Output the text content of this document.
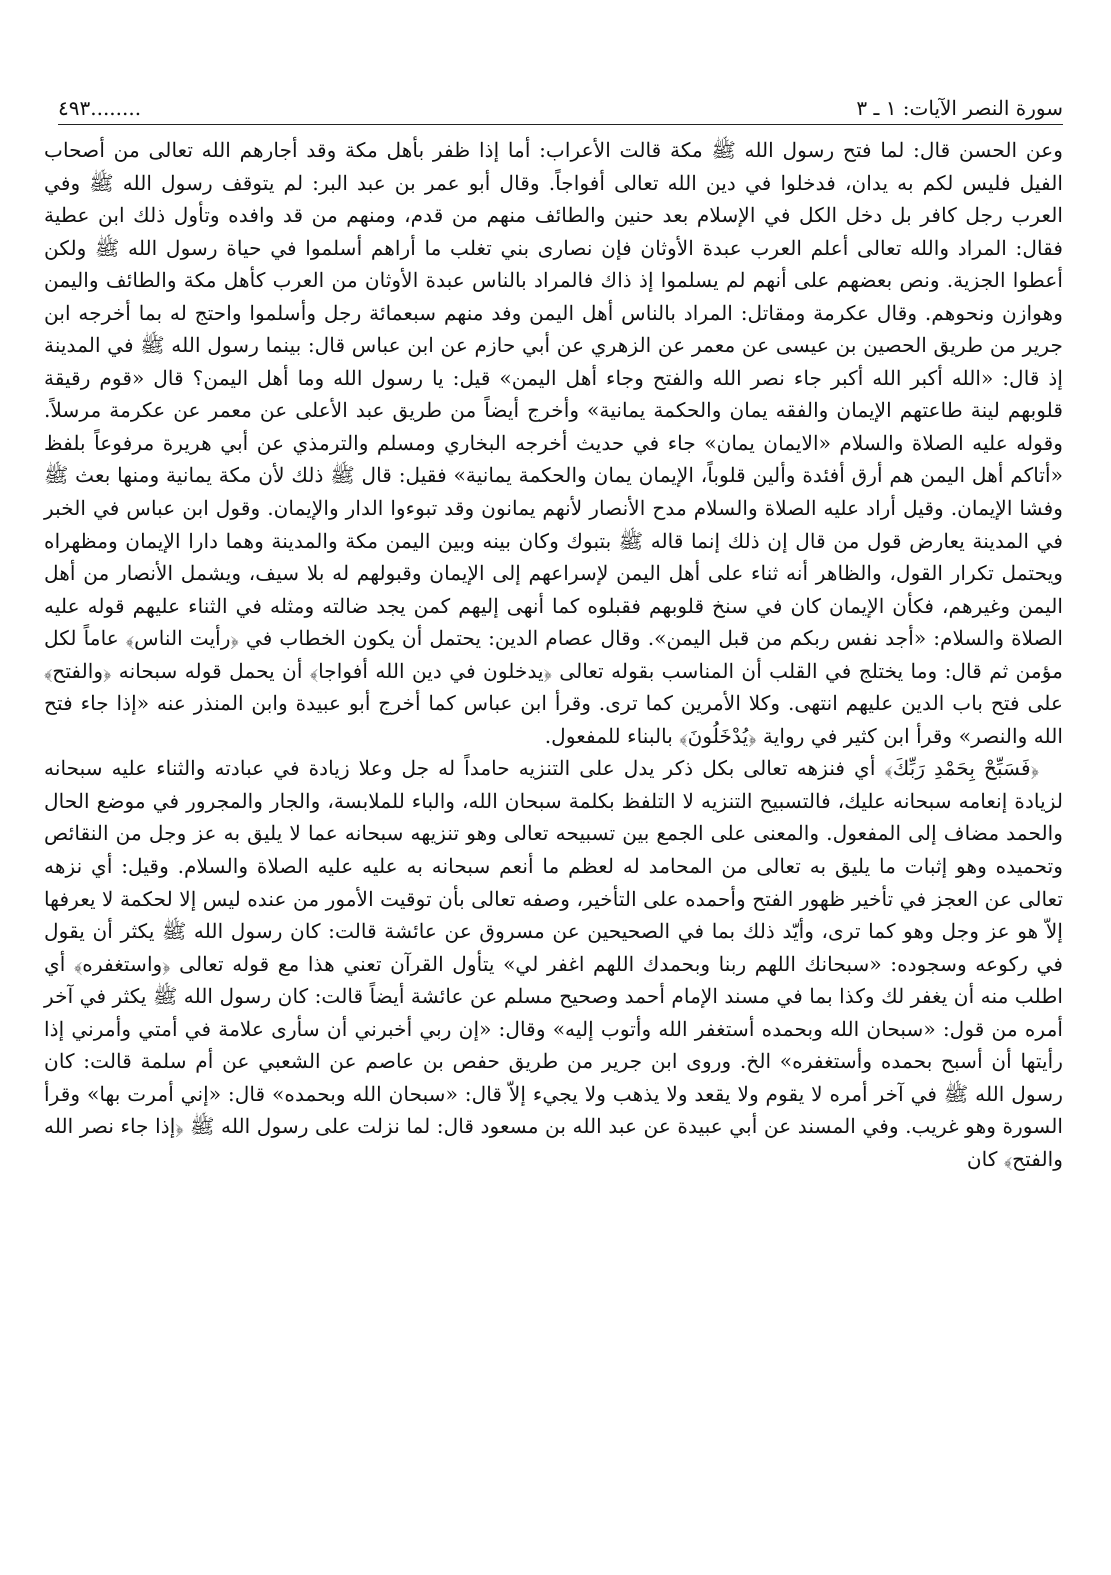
سورة النصر الآيات: ١ ـ ٣
........٤٩٣

وعن الحسن قال: لما فتح رسول الله ﷺ مكة قالت الأعراب: أما إذا ظفر بأهل مكة وقد أجارهم الله تعالى من أصحاب الفيل فليس لكم به يدان، فدخلوا في دين الله تعالى أفواجاً. وقال أبو عمر بن عبد البر: لم يتوقف رسول الله ﷺ وفي العرب رجل كافر بل دخل الكل في الإسلام بعد حنين والطائف منهم من قدم، ومنهم من قد وافده وتأول ذلك ابن عطية فقال: المراد والله تعالى أعلم العرب عبدة الأوثان فإن نصارى بني تغلب ما أراهم أسلموا في حياة رسول الله ﷺ ولكن أعطوا الجزية. ونص بعضهم على أنهم لم يسلموا إذ ذاك فالمراد بالناس عبدة الأوثان من العرب كأهل مكة والطائف واليمن وهوازن ونحوهم. وقال عكرمة ومقاتل: المراد بالناس أهل اليمن وفد منهم سبعمائة رجل وأسلموا واحتج له بما أخرجه ابن جرير من طريق الحصين بن عيسى عن معمر عن الزهري عن أبي حازم عن ابن عباس قال: بينما رسول الله ﷺ في المدينة إذ قال: «الله أكبر الله أكبر جاء نصر الله والفتح وجاء أهل اليمن» قيل: يا رسول الله وما أهل اليمن؟ قال «قوم رقيقة قلوبهم لينة طاعتهم الإيمان والفقه يمان والحكمة يمانية» وأخرج أيضاً من طريق عبد الأعلى عن معمر عن عكرمة مرسلاً. وقوله عليه الصلاة والسلام «الايمان يمان» جاء في حديث أخرجه البخاري ومسلم والترمذي عن أبي هريرة مرفوعاً بلفظ «أتاكم أهل اليمن هم أرق أفئدة وألين قلوباً، الإيمان يمان والحكمة يمانية» فقيل: قال ﷺ ذلك لأن مكة يمانية ومنها بعث ﷺ وفشا الإيمان. وقيل أراد عليه الصلاة والسلام مدح الأنصار لأنهم يمانون وقد تبوءوا الدار والإيمان. وقول ابن عباس في الخبر في المدينة يعارض قول من قال إن ذلك إنما قاله ﷺ بتبوك وكان بينه وبين اليمن مكة والمدينة وهما دارا الإيمان ومظهراه ويحتمل تكرار القول، والظاهر أنه ثناء على أهل اليمن لإسراعهم إلى الإيمان وقبولهم له بلا سيف، ويشمل الأنصار من أهل اليمن وغيرهم، فكأن الإيمان كان في سنخ قلوبهم فقبلوه كما أنهى إليهم كمن يجد ضالته ومثله في الثناء عليهم قوله عليه الصلاة والسلام: «أجد نفس ربكم من قبل اليمن». وقال عصام الدين: يحتمل أن يكون الخطاب في ﴿رأيت الناس﴾ عاماً لكل مؤمن ثم قال: وما يختلج في القلب أن المناسب بقوله تعالى ﴿يدخلون في دين الله أفواجا﴾ أن يحمل قوله سبحانه ﴿والفتح﴾ على فتح باب الدين عليهم انتهى. وكلا الأمرين كما ترى. وقرأ ابن عباس كما أخرج أبو عبيدة وابن المنذر عنه «إذا جاء فتح الله والنصر» وقرأ ابن كثير في رواية ﴿يُدْخَلُونَ﴾ بالبناء للمفعول.

﴿فَسَبِّحْ بِحَمْدِ رَبِّكَ﴾ أي فنزهه تعالى بكل ذكر يدل على التنزيه حامداً له جل وعلا زيادة في عبادته والثناء عليه سبحانه لزيادة إنعامه سبحانه عليك، فالتسبيح التنزيه لا التلفظ بكلمة سبحان الله، والباء للملابسة، والجار والمجرور في موضع الحال والحمد مضاف إلى المفعول. والمعنى على الجمع بين تسبيحه تعالى وهو تنزيهه سبحانه عما لا يليق به عز وجل من النقائص وتحميده وهو إثبات ما يليق به تعالى من المحامد له لعظم ما أنعم سبحانه به عليه عليه الصلاة والسلام. وقيل: أي نزهه تعالى عن العجز في تأخير ظهور الفتح وأحمده على التأخير، وصفه تعالى بأن توقيت الأمور من عنده ليس إلا لحكمة لا يعرفها إلاّ هو عز وجل وهو كما ترى، وأيّد ذلك بما في الصحيحين عن مسروق عن عائشة قالت: كان رسول الله ﷺ يكثر أن يقول في ركوعه وسجوده: «سبحانك اللهم ربنا وبحمدك اللهم اغفر لي» يتأول القرآن تعني هذا مع قوله تعالى ﴿واستغفره﴾ أي اطلب منه أن يغفر لك وكذا بما في مسند الإمام أحمد وصحيح مسلم عن عائشة أيضاً قالت: كان رسول الله ﷺ يكثر في آخر أمره من قول: «سبحان الله وبحمده أستغفر الله وأتوب إليه» وقال: «إن ربي أخبرني أن سأرى علامة في أمتي وأمرني إذا رأيتها أن أسبح بحمده وأستغفره» الخ. وروى ابن جرير من طريق حفص بن عاصم عن الشعبي عن أم سلمة قالت: كان رسول الله ﷺ في آخر أمره لا يقوم ولا يقعد ولا يذهب ولا يجيء إلاّ قال: «سبحان الله وبحمده» قال: «إني أمرت بها» وقرأ السورة وهو غريب. وفي المسند عن أبي عبيدة عن عبد الله بن مسعود قال: لما نزلت على رسول الله ﷺ ﴿إذا جاء نصر الله والفتح﴾ كان
